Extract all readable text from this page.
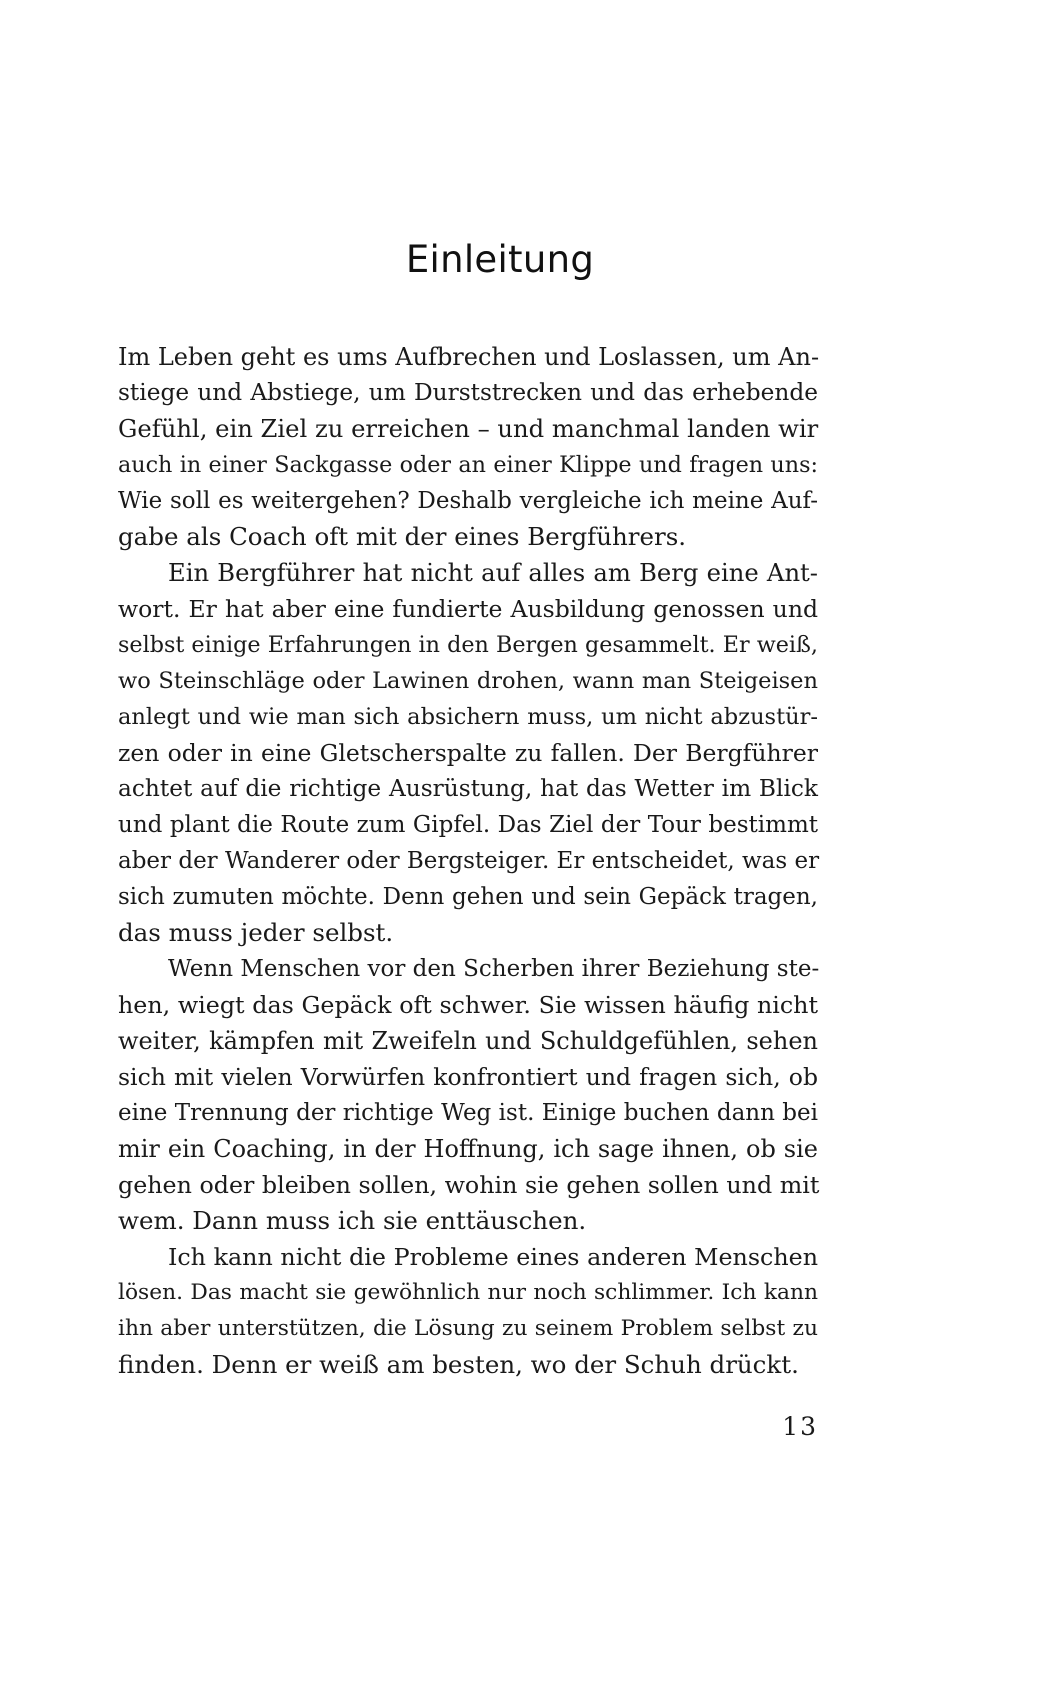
Einleitung
Im Leben geht es ums Aufbrechen und Loslassen, um An-
stiege und Abstiege, um Durststrecken und das erhebende
Gefühl, ein Ziel zu erreichen – und manchmal landen wir
auch in einer Sackgasse oder an einer Klippe und fragen uns:
Wie soll es weitergehen? Deshalb vergleiche ich meine Auf-
gabe als Coach oft mit der eines Bergführers.
Ein Bergführer hat nicht auf alles am Berg eine Ant-
wort. Er hat aber eine fundierte Ausbildung genossen und
selbst einige Erfahrungen in den Bergen gesammelt. Er weiß,
wo Steinschläge oder Lawinen drohen, wann man Steigeisen
anlegt und wie man sich absichern muss, um nicht abzustür-
zen oder in eine Gletscherspalte zu fallen. Der Bergführer
achtet auf die richtige Ausrüstung, hat das Wetter im Blick
und plant die Route zum Gipfel. Das Ziel der Tour bestimmt
aber der Wanderer oder Bergsteiger. Er entscheidet, was er
sich zumuten möchte. Denn gehen und sein Gepäck tragen,
das muss jeder selbst.
Wenn Menschen vor den Scherben ihrer Beziehung ste-
hen, wiegt das Gepäck oft schwer. Sie wissen häufig nicht
weiter, kämpfen mit Zweifeln und Schuldgefühlen, sehen
sich mit vielen Vorwürfen konfrontiert und fragen sich, ob
eine Trennung der richtige Weg ist. Einige buchen dann bei
mir ein Coaching, in der Hoffnung, ich sage ihnen, ob sie
gehen oder bleiben sollen, wohin sie gehen sollen und mit
wem. Dann muss ich sie enttäuschen.
Ich kann nicht die Probleme eines anderen Menschen
lösen. Das macht sie gewöhnlich nur noch schlimmer. Ich kann
ihn aber unterstützen, die Lösung zu seinem Problem selbst zu
finden. Denn er weiß am besten, wo der Schuh drückt.
13
